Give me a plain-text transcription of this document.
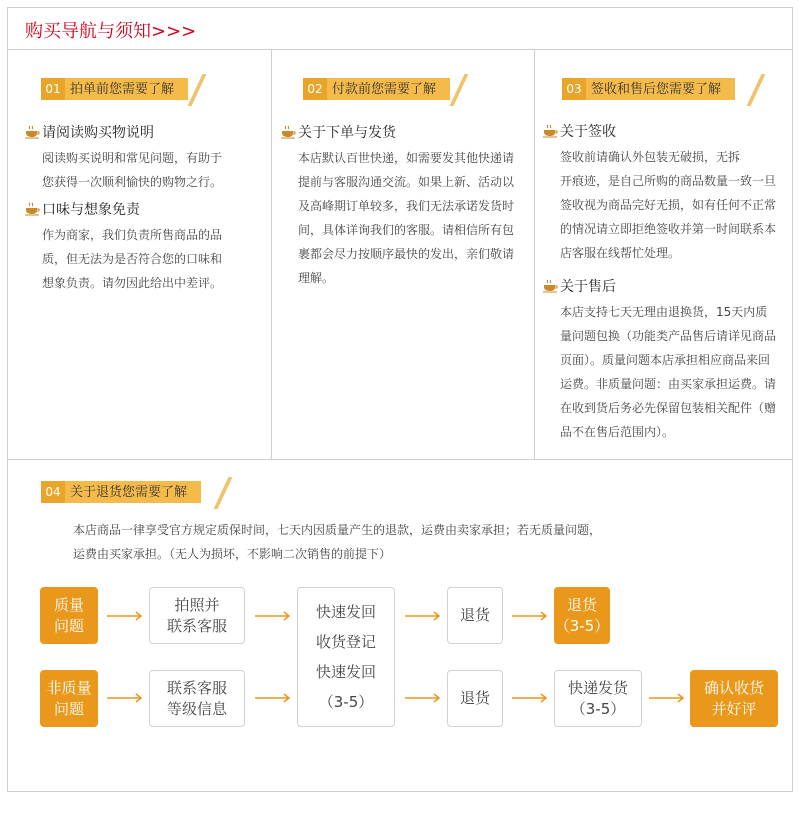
购买导航与须知>>>
01 拍单前您需要了解
请阅读购买物说明
阅读购买说明和常见问题，有助于
您获得一次顺利愉快的购物之行。
口味与想象免责
作为商家，我们负责所售商品的品
质，但无法为是否符合您的口味和
想象负责。请勿因此给出中差评。
02 付款前您需要了解
关于下单与发货
本店默认百世快递，如需要发其他快递请
提前与客服沟通交流。如果上新、活动以
及高峰期订单较多，我们无法承诺发货时
间，具体详询我们的客服。请相信所有包
裹都会尽力按顺序最快的发出，亲们敬请
理解。
03 签收和售后您需要了解
关于签收
签收前请确认外包装无破损，无拆
开痕迹，是自己所购的商品数量一致一旦
签收视为商品完好无损，如有任何不正常
的情况请立即拒绝签收并第一时间联系本
店客服在线帮忙处理。
关于售后
本店支持七天无理由退换货，15天内质
量问题包换（功能类产品售后请详见商品
页面）。质量问题本店承担相应商品来回
运费。非质量问题：由买家承担运费。请
在收到货后务必先保留包装相关配件（赠
品不在售后范围内）。
04 关于退货您需要了解
本店商品一律享受官方规定质保时间，七天内因质量产生的退款，运费由卖家承担；若无质量问题，
运费由买家承担。（无人为损坏，不影响二次销售的前提下）
质量
问题
拍照并
联系客服
快速发回
收货登记
快速发回
（3-5）
退货
退货
（3-5）
非质量
问题
联系客服
等级信息
退货
快递发货
（3-5）
确认收货
并好评
